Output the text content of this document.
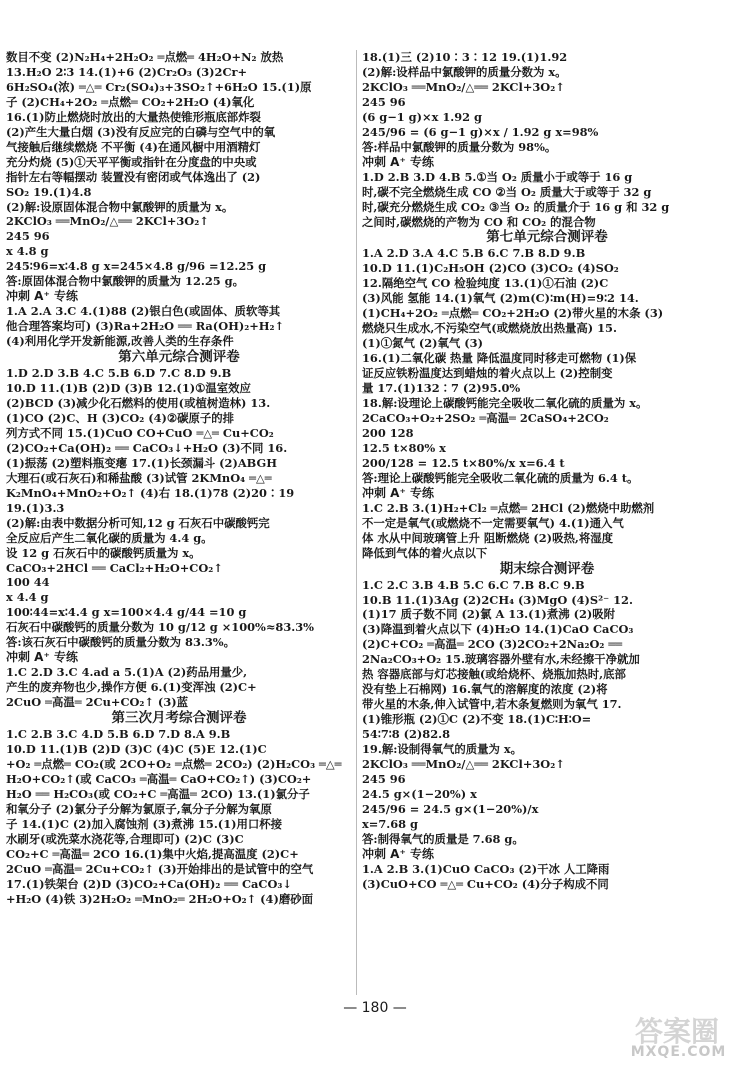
数目不变 (2)N₂H₄+2H₂O₂ ═点燃═ 4H₂O+N₂ 放热
13.H₂O 2∶3 14.(1)+6 (2)Cr₂O₃ (3)2Cr+
6H₂SO₄(浓) ═△═ Cr₂(SO₄)₃+3SO₂↑+6H₂O 15.(1)原
子 (2)CH₄+2O₂ ═点燃═ CO₂+2H₂O (4)氧化
16.(1)防止燃烧时放出的大量热使锥形瓶底部炸裂
(2)产生大量白烟 (3)没有反应完的白磷与空气中的氧
气接触后继续燃烧 不平衡 (4)在通风橱中用酒精灯
充分灼烧 (5)①天平平衡或指针在分度盘的中央或
指针左右等幅摆动 装置没有密闭或气体逸出了 (2)
SO₂ 19.(1)4.8
(2)解:设原固体混合物中氯酸钾的质量为 x。
2KClO₃ ══MnO₂/△══ 2KCl+3O₂↑
245 96
x 4.8 g
245∶96=x∶4.8 g x=245×4.8 g/96 =12.25 g
答:原固体混合物中氯酸钾的质量为 12.25 g。
冲刺 A⁺ 专练
1.A 2.A 3.C 4.(1)88 (2)银白色(或固体、质软等其
他合理答案均可) (3)Ra+2H₂O ══ Ra(OH)₂+H₂↑
(4)利用化学开发新能源,改善人类的生存条件
第六单元综合测评卷
1.D 2.D 3.B 4.C 5.B 6.D 7.C 8.D 9.B
10.D 11.(1)B (2)D (3)B 12.(1)①温室效应
(2)BCD (3)减少化石燃料的使用(或植树造林) 13.
(1)CO (2)C、H (3)CO₂ (4)②碳原子的排
列方式不同 15.(1)CuO CO+CuO ═△═ Cu+CO₂
(2)CO₂+Ca(OH)₂ ══ CaCO₃↓+H₂O (3)不同 16.
(1)振荡 (2)塑料瓶变瘪 17.(1)长颈漏斗 (2)ABGH
大理石(或石灰石)和稀盐酸 (3)试管 2KMnO₄ ═△═
K₂MnO₄+MnO₂+O₂↑ (4)右 18.(1)78 (2)20∶19
19.(1)3.3
(2)解:由表中数据分析可知,12 g 石灰石中碳酸钙完
全反应后产生二氧化碳的质量为 4.4 g。
设 12 g 石灰石中的碳酸钙质量为 x。
CaCO₃+2HCl ══ CaCl₂+H₂O+CO₂↑
100 44
x 4.4 g
100∶44=x∶4.4 g x=100×4.4 g/44 =10 g
石灰石中碳酸钙的质量分数为 10 g/12 g ×100%≈83.3%
答:该石灰石中碳酸钙的质量分数为 83.3%。
冲刺 A⁺ 专练
1.C 2.D 3.C 4.ad a 5.(1)A (2)药品用量少,
产生的废弃物也少,操作方便 6.(1)变浑浊 (2)C+
2CuO ═高温═ 2Cu+CO₂↑ (3)蓝
第三次月考综合测评卷
1.C 2.B 3.C 4.D 5.B 6.D 7.D 8.A 9.B
10.D 11.(1)B (2)D (3)C (4)C (5)E 12.(1)C
+O₂ ═点燃═ CO₂(或 2CO+O₂ ═点燃═ 2CO₂) (2)H₂CO₃ ═△═
H₂O+CO₂↑(或 CaCO₃ ═高温═ CaO+CO₂↑) (3)CO₂+
H₂O ══ H₂CO₃(或 CO₂+C ═高温═ 2CO) 13.(1)氯分子
和氧分子 (2)氯分子分解为氯原子,氧分子分解为氧原
子 14.(1)C (2)加入腐蚀剂 (3)煮沸 15.(1)用口杯接
水刷牙(或洗菜水浇花等,合理即可) (2)C (3)C
CO₂+C ═高温═ 2CO 16.(1)集中火焰,提高温度 (2)C+
2CuO ═高温═ 2Cu+CO₂↑ (3)开始排出的是试管中的空气
17.(1)铁架台 (2)D (3)CO₂+Ca(OH)₂ ══ CaCO₃↓
+H₂O (4)铁 3)2H₂O₂ ═MnO₂═ 2H₂O+O₂↑ (4)磨砂面
18.(1)三 (2)10∶3∶12 19.(1)1.92
(2)解:设样品中氯酸钾的质量分数为 x。
2KClO₃ ══MnO₂/△══ 2KCl+3O₂↑
245 96
(6 g−1 g)×x 1.92 g
245/96 = (6 g−1 g)×x / 1.92 g x=98%
答:样品中氯酸钾的质量分数为 98%。
冲刺 A⁺ 专练
1.D 2.B 3.D 4.B 5.①当 O₂ 质量小于或等于 16 g
时,碳不完全燃烧生成 CO ②当 O₂ 质量大于或等于 32 g
时,碳充分燃烧生成 CO₂ ③当 O₂ 的质量介于 16 g 和 32 g
之间时,碳燃烧的产物为 CO 和 CO₂ 的混合物
第七单元综合测评卷
1.A 2.D 3.A 4.C 5.B 6.C 7.B 8.D 9.B
10.D 11.(1)C₂H₅OH (2)CO (3)CO₂ (4)SO₂
12.隔绝空气 CO 检验纯度 13.(1)①石油 (2)C
(3)风能 氢能 14.(1)氧气 (2)m(C)∶m(H)=9∶2 14.
(1)CH₄+2O₂ ═点燃═ CO₂+2H₂O (2)带火星的木条 (3)
燃烧只生成水,不污染空气(或燃烧放出热量高) 15.
(1)①氮气 (2)氧气 (3)
16.(1)二氧化碳 热量 降低温度同时移走可燃物 (1)保
证反应铁粉温度达到蜡烛的着火点以上 (2)控制变
量 17.(1)132∶7 (2)95.0%
18.解:设理论上碳酸钙能完全吸收二氧化硫的质量为 x。
2CaCO₃+O₂+2SO₂ ═高温═ 2CaSO₄+2CO₂
200 128
12.5 t×80% x
200/128 = 12.5 t×80%/x x=6.4 t
答:理论上碳酸钙能完全吸收二氧化硫的质量为 6.4 t。
冲刺 A⁺ 专练
1.C 2.B 3.(1)H₂+Cl₂ ═点燃═ 2HCl (2)燃烧中助燃剂
不一定是氧气(或燃烧不一定需要氧气) 4.(1)通入气
体 水从中间玻璃管上升 阻断燃烧 (2)吸热,将湿度
降低到气体的着火点以下
期末综合测评卷
1.C 2.C 3.B 4.B 5.C 6.C 7.B 8.C 9.B
10.B 11.(1)3Ag (2)2CH₄ (3)MgO (4)S²⁻ 12.
(1)17 质子数不同 (2)氯 A 13.(1)煮沸 (2)吸附
(3)降温到着火点以下 (4)H₂O 14.(1)CaO CaCO₃
(2)C+CO₂ ═高温═ 2CO (3)2CO₂+2Na₂O₂ ══
2Na₂CO₃+O₂ 15.玻璃容器外壁有水,未经擦干净就加
热 容器底部与灯芯接触(或给烧杯、烧瓶加热时,底部
没有垫上石棉网) 16.氧气的溶解度的浓度 (2)将
带火星的木条,伸入试管中,若木条复燃则为氧气 17.
(1)锥形瓶 (2)①C (2)不变 18.(1)C∶H∶O=
54∶7∶8 (2)82.8
19.解:设制得氧气的质量为 x。
2KClO₃ ══MnO₂/△══ 2KCl+3O₂↑
245 96
24.5 g×(1−20%) x
245/96 = 24.5 g×(1−20%)/x
x=7.68 g
答:制得氧气的质量是 7.68 g。
冲刺 A⁺ 专练
1.A 2.B 3.(1)CuO CaCO₃ (2)干冰 人工降雨
(3)CuO+CO ═△═ Cu+CO₂ (4)分子构成不同
— 180 —
答案圈
MXQE.COM
